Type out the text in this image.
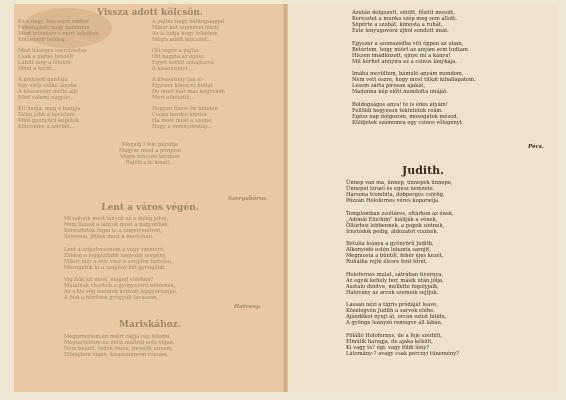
Vissza adott kölcsön.
Ez a nagy, bús szívű ember
Felsóhajtott nagy boldogan
Mert tetszésre s mert lelkében
Kölcsönöd boldog...
A pajtás nagy boldogsággal
Mikor két szemével látott
Az is tudja hogy lelkében
Mégis adott kölcsönt...
Mint hűséges szerelmetes
Csak a pajtás beszélt
Látott lány a lélekre
Mind a kettő...
Ott végre a pajtás
Ott hagyta az egész
Egyet kettőt sóhajtozva
A kisasszonyt...
A pinkósdi gazdája
Egy szép szőke lányka
A kisasszony mellé állt
Mint valami nagyúr...
A kisasszony tán el-
Egyszer könnyet hullat
De most már más kegyelem
Mert elkészült...
Kit hadja, meg a hangja
Talán jobb a kérleleni
Mint gyönyörű képetek
Kölcsönbe a szívből...
Hogyan fizess be minden
Csupa kérdés kérdés
Ha most most a szeme
Hogy a mennyország...
Megadj l fele pázsitja
Magyar most a pörgése
Végre nincsen kérdése
Rájött a ki kínált...
Szergabáros.
Lent a város végén.
Mi nálunk most lányok az a dolog jelen,
Nem fiúnak a lányok most a nagyobbak.
Kerésztetek fogni le a szigetveszteni,
Szívesen, jöttek most a mostohán.
Lent a szigetvesznem a vagy szomorú,
Zöldeg a leggazdabb nagyobb szegény,
Mikor már a szív vész a szegény hirtelen,
Mosogatók ki a szegény két gyengébb.
Vig fiúk kit most, magad vidékén?
Mulatnak chorhok a gyógyszerű kötésnek,
Az a kis vég mennek kedvelt lépgyorsanjai,
A fiúk a hűvösen gyógyult tavaszon.
Hatvany.
Mariskához.
Megismerlem én miért rágja ráji feledni,
Megtartottam én most múltról erős vígan,
Nem beszél, tudok rózsa, piroslik szívem,
Elfelejtem vígan, kisasszonyom rózsám.
Azután dolgozott, sütött, főzött mosott,
Keresztet a munka szép meg sem állott.
Söpörte a szobát, kimosta a ruhát,
Este lenyugovóra újból sondott imát.
Egyszer a szomszédba vitt éppen az utam,
Betértem, hogy miért az anyám sem tudtam.
Hiszen imádkozott, ejnye mi a kánya!
Mit kérhet annyira ez a csinos lánykája.
Imába merültem, bámuló anyám mondom,
Nem vett észre, hogy most titkát kiballagatom.
Lesem zárta pirosan ajakát,
Madonna kép előtt mondotta imáját.
Boldogságos anya! te is édes atyám!
Fellöldi kegyesen tekintetek reám.
Egész nap dolgozom, mosogatok mézed,
Küldjetek számomra egy csinos vőlegényt.
Pécs.
Judith.
Ünnep van ma, ünnep, ünnepek ünnepe,
Ünnepel Izrael és egész nemzete.
Harsona trombita, dobpergés csörög,
Pózzán Holofernes véres koporsója.
Templomban zsoltáros, oltárkon az ének,
„Adonái Elochim” kiáltják a vének,
Öltárhoz lebbennek, a papok sietnek,
Irnstódók pedig, áldozatot visznek.
Betulia leánya a gyönyörű Judith,
Alkonyodó estén lehanta sarujit,
Megmosta a bűntől, fehér éjes kezét,
Ruháiba rejté élesre fent tőrét.
Holofernes mulat, sátrában tivornya,
Az egyik kehely bor, másik után jólja,
Asztalu dinitve, mellette fogolyjalk,
Halovány az arcok szemeik sejtjuk.
Lassan nézi a tigris prédáját leave,
Közelegvén Judith a sarvok elébe.
Ajándékot nyujt át, orcán ezüst bilidu,
A gyönge leányzó remegve áll lábán.
Fölálló Holofernes, de a feje szédült,
Elmúlik haragja, de ajaka kékült,
Ki vagy te? égi, vagy földi lény?
Látomány-? avagy csak percnyi tünemény?
